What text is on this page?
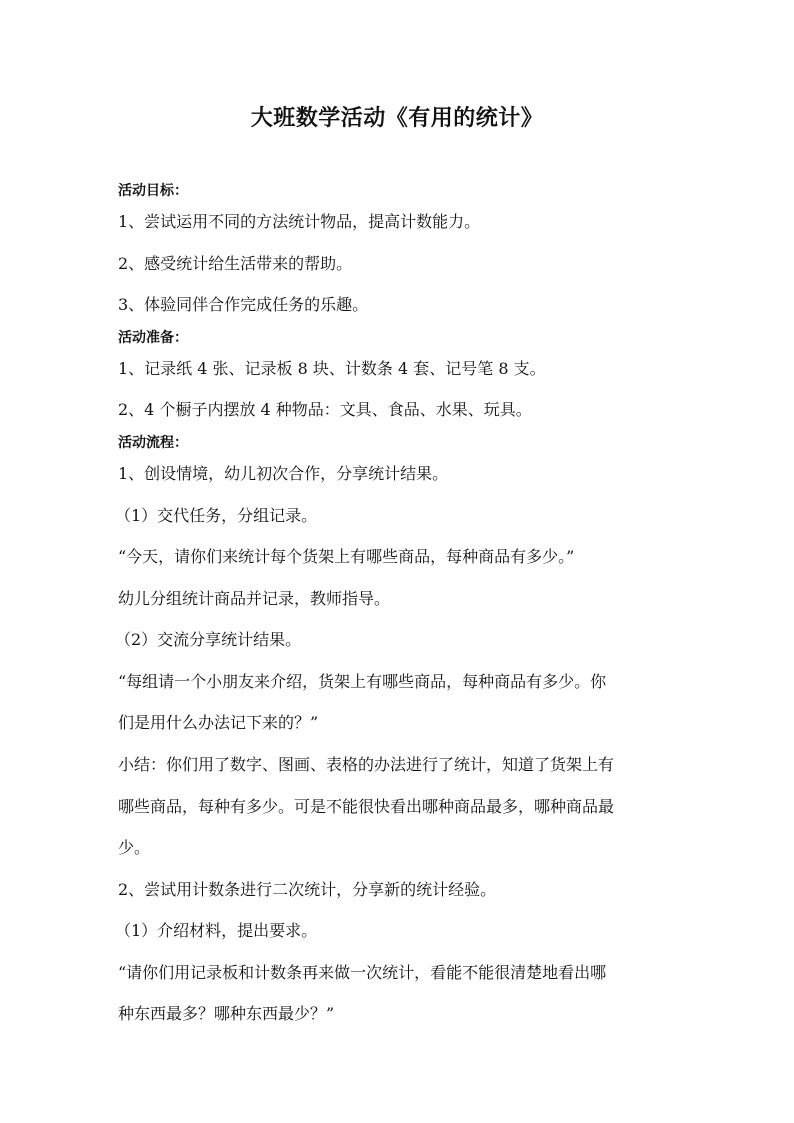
大班数学活动《有用的统计》

活动目标：

1、尝试运用不同的方法统计物品，提高计数能力。

2、感受统计给生活带来的帮助。

3、体验同伴合作完成任务的乐趣。

活动准备：

1、记录纸 4 张、记录板 8 块、计数条 4 套、记号笔 8 支。

2、4 个橱子内摆放 4 种物品：文具、食品、水果、玩具。

活动流程：

1、创设情境，幼儿初次合作，分享统计结果。

（1）交代任务，分组记录。

“今天，请你们来统计每个货架上有哪些商品，每种商品有多少。”

幼儿分组统计商品并记录，教师指导。

（2）交流分享统计结果。

“每组请一个小朋友来介绍，货架上有哪些商品，每种商品有多少。你

们是用什么办法记下来的？”

小结：你们用了数字、图画、表格的办法进行了统计，知道了货架上有

哪些商品，每种有多少。可是不能很快看出哪种商品最多，哪种商品最

少。

2、尝试用计数条进行二次统计，分享新的统计经验。

（1）介绍材料，提出要求。

“请你们用记录板和计数条再来做一次统计，看能不能很清楚地看出哪

种东西最多？哪种东西最少？”
